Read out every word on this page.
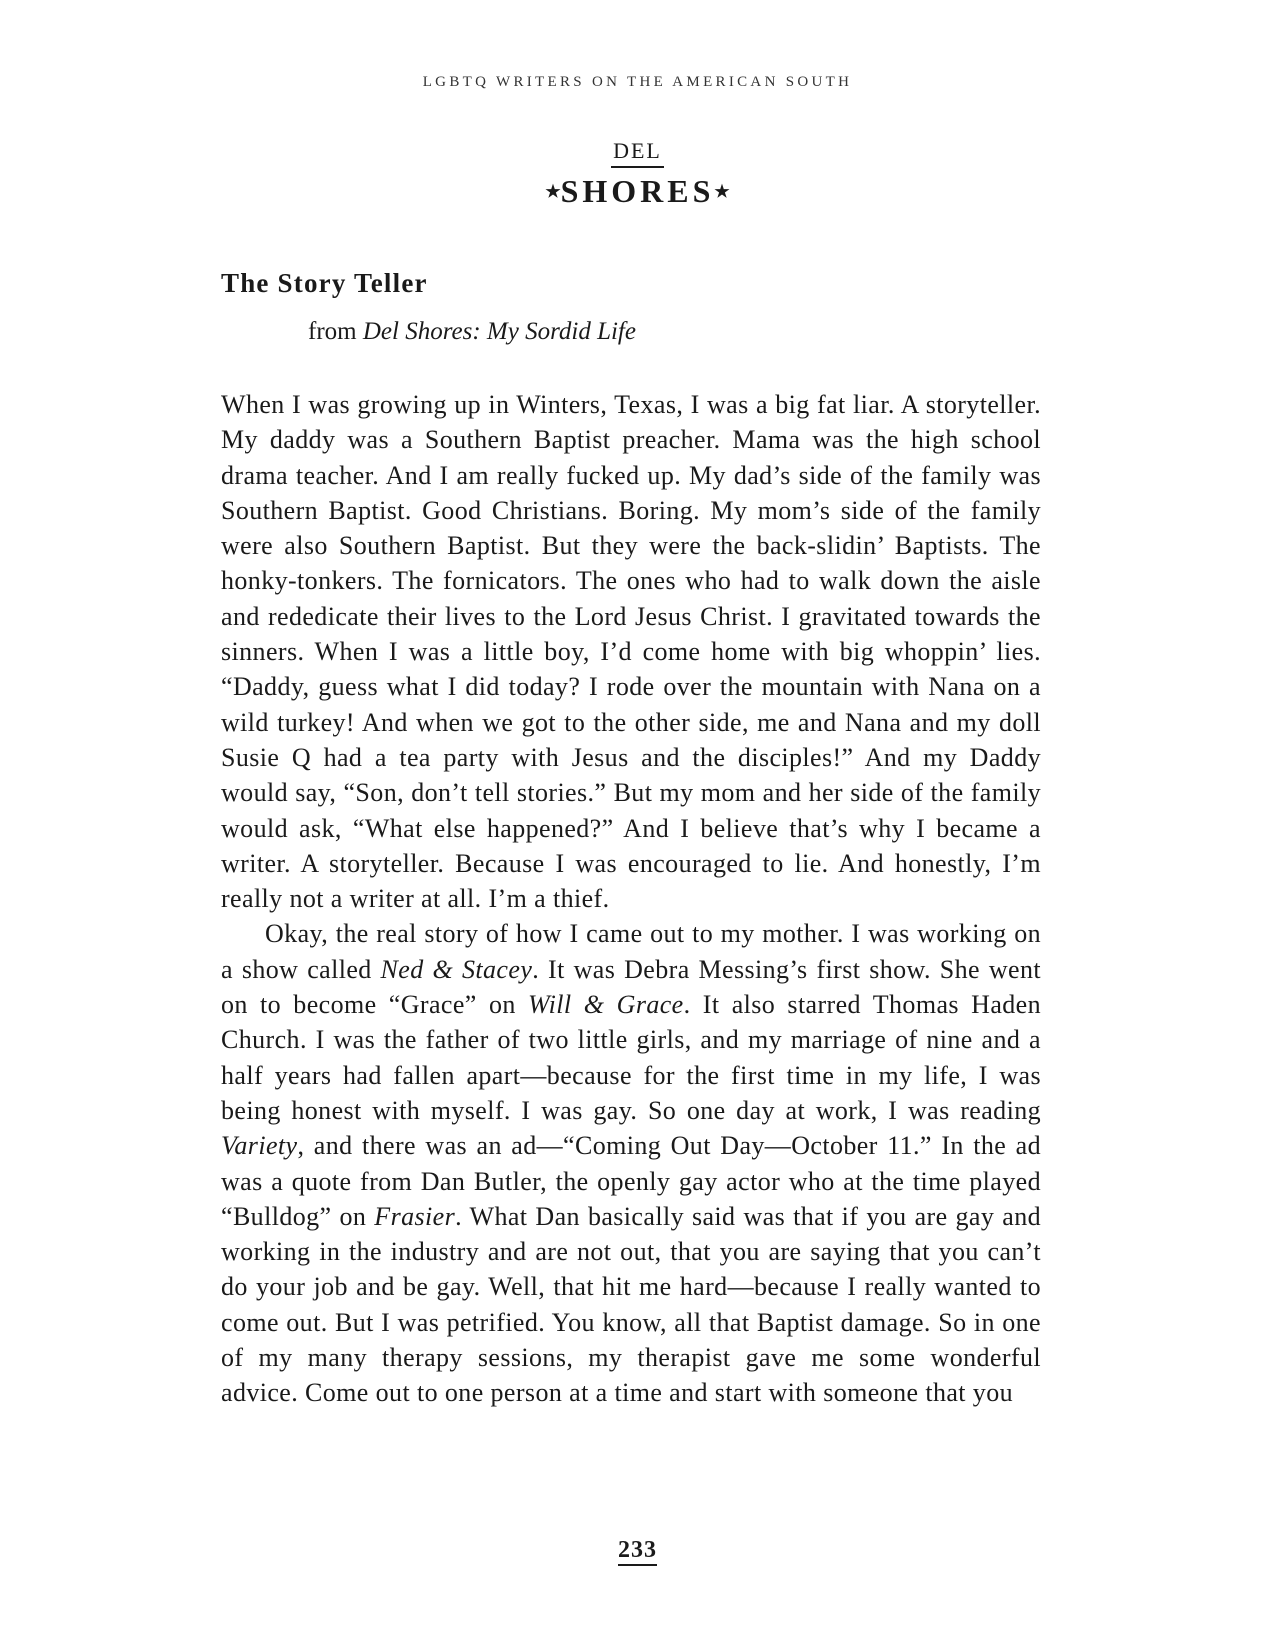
LGBTQ WRITERS ON THE AMERICAN SOUTH
DEL
★SHORES★
The Story Teller
from Del Shores: My Sordid Life

When I was growing up in Winters, Texas, I was a big fat liar. A storyteller. My daddy was a Southern Baptist preacher. Mama was the high school drama teacher. And I am really fucked up. My dad’s side of the family was Southern Baptist. Good Christians. Boring. My mom’s side of the family were also Southern Baptist. But they were the back-slidin’ Baptists. The honky-tonkers. The fornicators. The ones who had to walk down the aisle and rededicate their lives to the Lord Jesus Christ. I gravitated towards the sinners. When I was a little boy, I’d come home with big whoppin’ lies. “Daddy, guess what I did today? I rode over the mountain with Nana on a wild turkey! And when we got to the other side, me and Nana and my doll Susie Q had a tea party with Jesus and the disciples!” And my Daddy would say, “Son, don’t tell stories.” But my mom and her side of the family would ask, “What else happened?” And I believe that’s why I became a writer. A storyteller. Because I was encouraged to lie. And honestly, I’m really not a writer at all. I’m a thief.

Okay, the real story of how I came out to my mother. I was working on a show called Ned & Stacey. It was Debra Messing’s first show. She went on to become “Grace” on Will & Grace. It also starred Thomas Haden Church. I was the father of two little girls, and my marriage of nine and a half years had fallen apart—because for the first time in my life, I was being honest with myself. I was gay. So one day at work, I was reading Variety, and there was an ad—“Coming Out Day—October 11.” In the ad was a quote from Dan Butler, the openly gay actor who at the time played “Bulldog” on Frasier. What Dan basically said was that if you are gay and working in the industry and are not out, that you are saying that you can’t do your job and be gay. Well, that hit me hard—because I really wanted to come out. But I was petrified. You know, all that Baptist damage. So in one of my many therapy sessions, my therapist gave me some wonderful advice. Come out to one person at a time and start with someone that you

233
